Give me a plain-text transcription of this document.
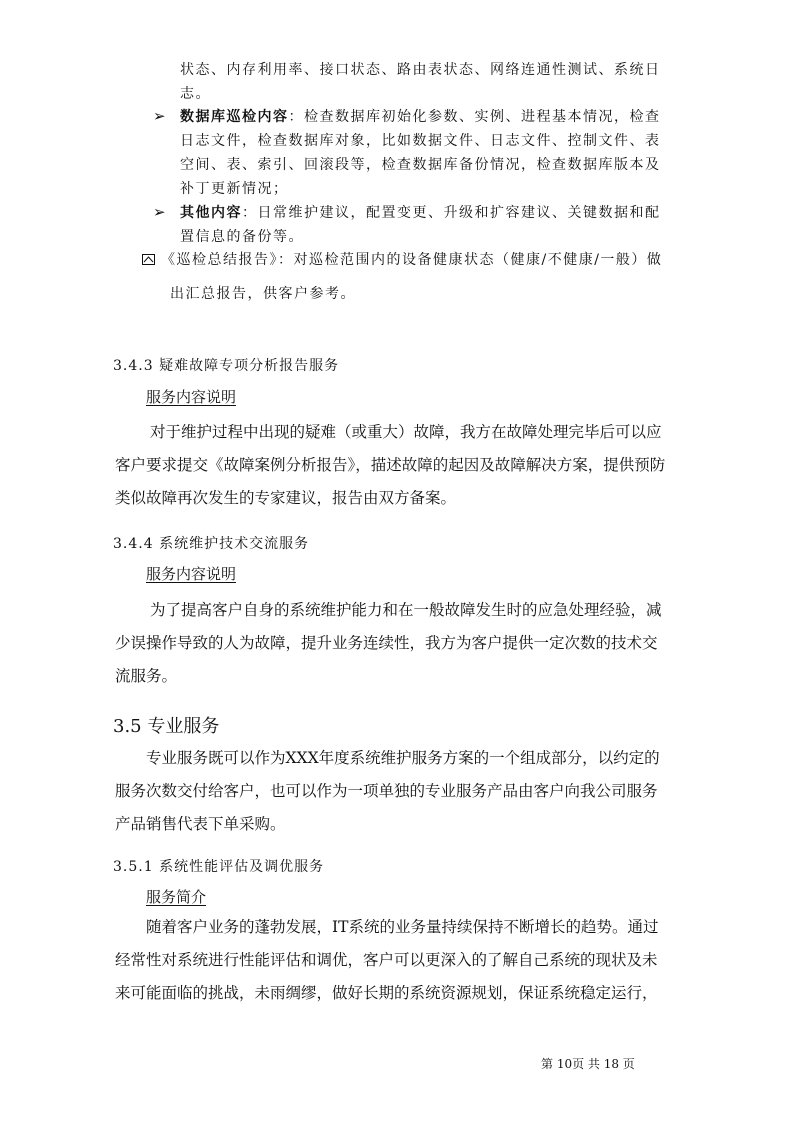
状态、内存利用率、接口状态、路由表状态、网络连通性测试、系统日

志。

➢ 数据库巡检内容：检查数据库初始化参数、实例、进程基本情况，检查

日志文件，检查数据库对象，比如数据文件、日志文件、控制文件、表

空间、表、索引、回滚段等，检查数据库备份情况，检查数据库版本及

补丁更新情况；

➢ 其他内容：日常维护建议，配置变更、升级和扩容建议、关键数据和配

置信息的备份等。

《巡检总结报告》：对巡检范围内的设备健康状态（健康/不健康/一般）做

出汇总报告，供客户参考。

3.4.3 疑难故障专项分析报告服务

服务内容说明

对于维护过程中出现的疑难（或重大）故障，我方在故障处理完毕后可以应

客户要求提交《故障案例分析报告》，描述故障的起因及故障解决方案，提供预防

类似故障再次发生的专家建议，报告由双方备案。

3.4.4 系统维护技术交流服务

服务内容说明

为了提高客户自身的系统维护能力和在一般故障发生时的应急处理经验，减

少误操作导致的人为故障，提升业务连续性，我方为客户提供一定次数的技术交

流服务。

3.5 专业服务

专业服务既可以作为XXX年度系统维护服务方案的一个组成部分，以约定的

服务次数交付给客户，也可以作为一项单独的专业服务产品由客户向我公司服务

产品销售代表下单采购。

3.5.1 系统性能评估及调优服务

服务简介

随着客户业务的蓬勃发展，IT系统的业务量持续保持不断增长的趋势。通过

经常性对系统进行性能评估和调优，客户可以更深入的了解自己系统的现状及未

来可能面临的挑战，未雨绸缪，做好长期的系统资源规划，保证系统稳定运行，

第 10页 共 18 页
